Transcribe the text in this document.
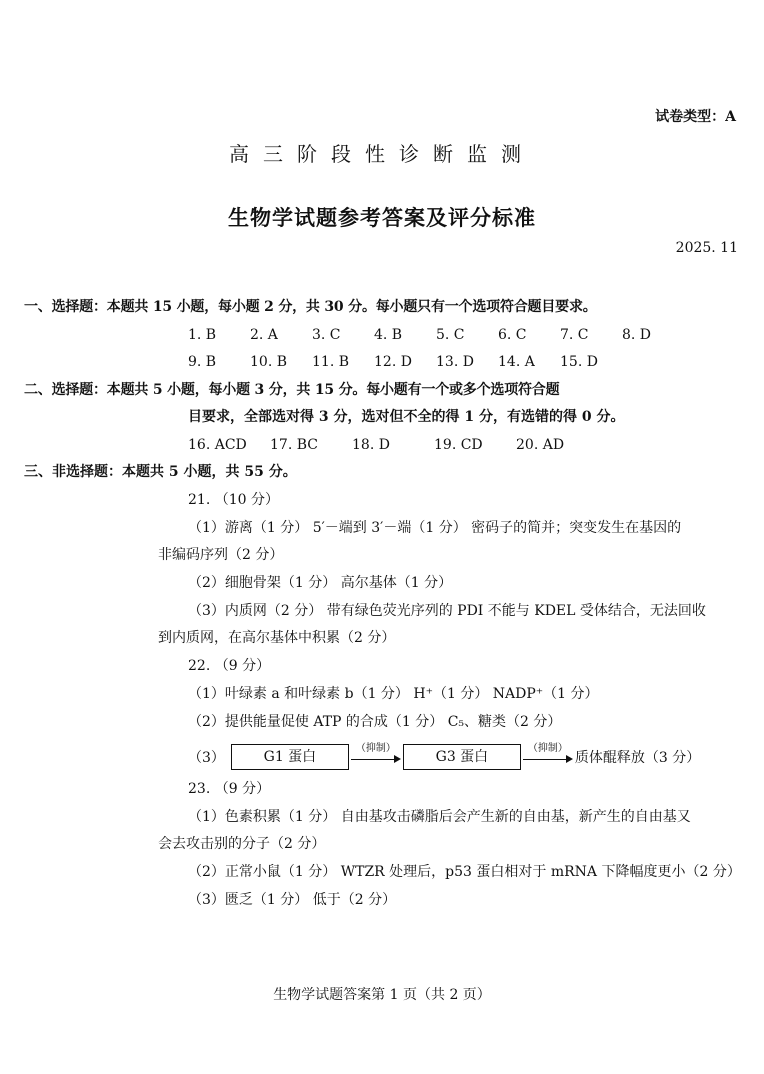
试卷类型：A
高三阶段性诊断监测
生物学试题参考答案及评分标准
2025. 11
一、选择题：本题共 15 小题，每小题 2 分，共 30 分。每小题只有一个选项符合题目要求。
1. B 2. A 3. C 4. B 5. C 6. C 7. C 8. D
9. B 10. B 11. B 12. D 13. D 14. A 15. D
二、选择题：本题共 5 小题，每小题 3 分，共 15 分。每小题有一个或多个选项符合题
目要求，全部选对得 3 分，选对但不全的得 1 分，有选错的得 0 分。
16. ACD 17. BC 18. D	19. CD 20. AD
三、非选择题：本题共 5 小题，共 55 分。
21. （10 分）
（1）游离（1 分） 5′－端到 3′－端（1 分） 密码子的简并；突变发生在基因的
非编码序列（2 分）
（2）细胞骨架（1 分） 高尔基体（1 分）
（3）内质网（2 分） 带有绿色荧光序列的 PDI 不能与 KDEL 受体结合，无法回收
到内质网，在高尔基体中积累（2 分）
22. （9 分）
（1）叶绿素 a 和叶绿素 b（1 分） H⁺（1 分） NADP⁺（1 分）
（2）提供能量促使 ATP 的合成（1 分） C₅、糖类（2 分）
（3）	G1 蛋白
（抑制）
G3 蛋白
（抑制）
质体醌释放（3 分）
23. （9 分）
（1）色素积累（1 分） 自由基攻击磷脂后会产生新的自由基，新产生的自由基又
会去攻击别的分子（2 分）
（2）正常小鼠（1 分） WTZR 处理后，p53 蛋白相对于 mRNA 下降幅度更小（2 分）
（3）匮乏（1 分） 低于（2 分）
生物学试题答案第 1 页（共 2 页）
